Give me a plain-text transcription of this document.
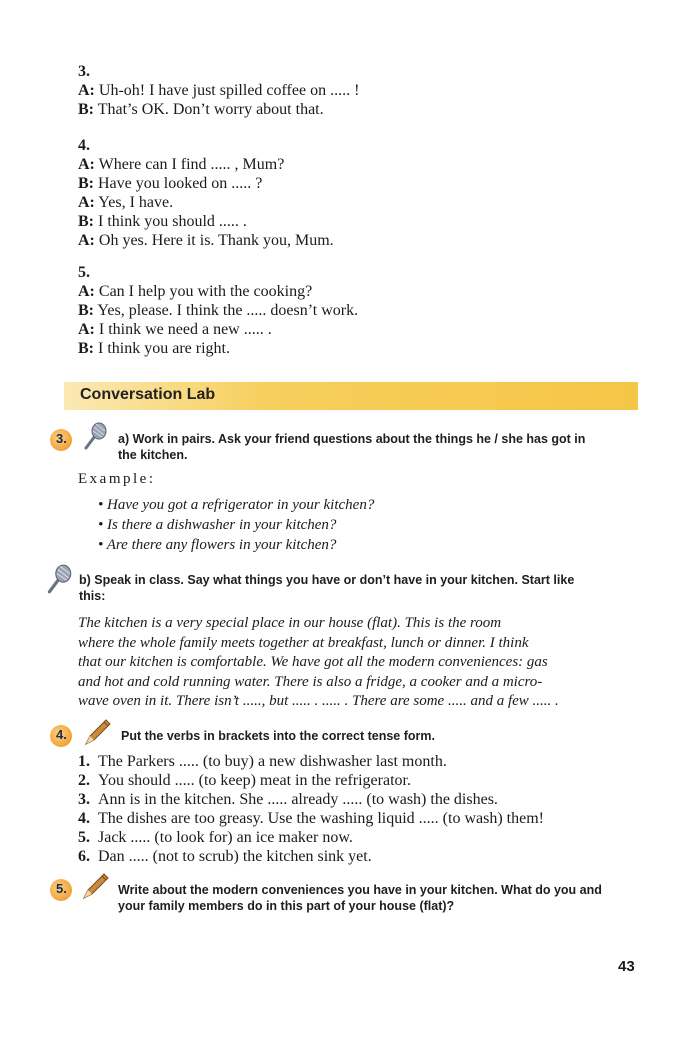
3.
A: Uh-oh! I have just spilled coffee on ..... !
B: That’s OK. Don’t worry about that.
4.
A: Where can I find ..... , Mum?
B: Have you looked on ..... ?
A: Yes, I have.
B: I think you should ..... .
A: Oh yes. Here it is. Thank you, Mum.
5.
A: Can I help you with the cooking?
B: Yes, please. I think the ..... doesn’t work.
A: I think we need a new ..... .
B: I think you are right.
Conversation Lab
3.	a) Work in pairs. Ask your friend questions about the things he / she has got in
the kitchen.
Example:
• Have you got a refrigerator in your kitchen?
• Is there a dishwasher in your kitchen?
• Are there any flowers in your kitchen?
b) Speak in class. Say what things you have or don’t have in your kitchen. Start like
this:
The kitchen is a very special place in our house (flat). This is the room
where the whole family meets together at breakfast, lunch or dinner. I think
that our kitchen is comfortable. We have got all the modern conveniences: gas
and hot and cold running water. There is also a fridge, a cooker and a micro-
wave oven in it. There isn’t ....., but ..... . ..... . There are some ..... and a few ..... .
4.	Put the verbs in brackets into the correct tense form.
1. The Parkers ..... (to buy) a new dishwasher last month.
2. You should ..... (to keep) meat in the refrigerator.
3. Ann is in the kitchen. She ..... already ..... (to wash) the dishes.
4. The dishes are too greasy. Use the washing liquid ..... (to wash) them!
5. Jack ..... (to look for) an ice maker now.
6. Dan ..... (not to scrub) the kitchen sink yet.
5.	Write about the modern conveniences you have in your kitchen. What do you and
your family members do in this part of your house (flat)?
43
